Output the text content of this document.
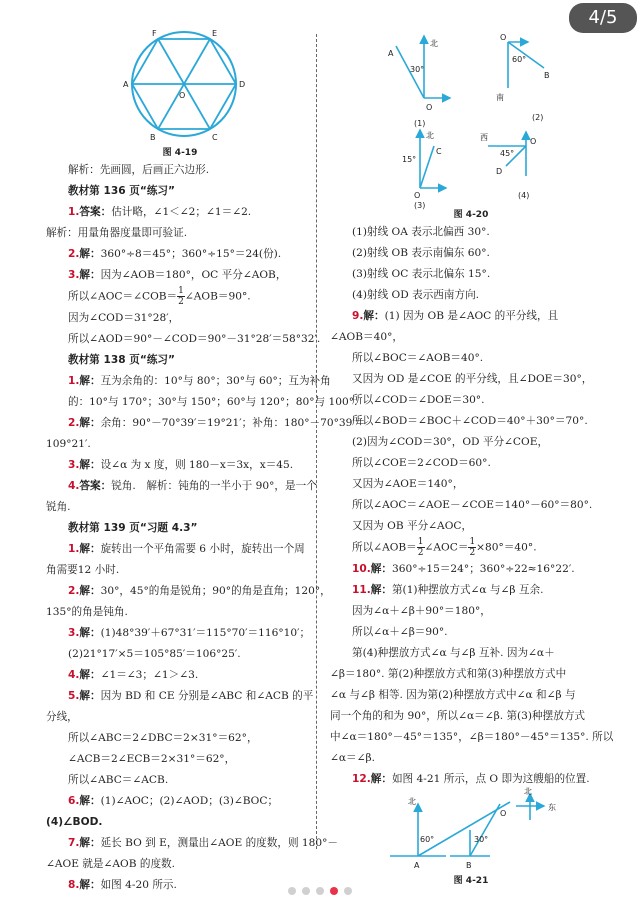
F	E
A	D
O
B	C
图 4-19
解析：先画圆，后画正六边形.
教材第 136 页“练习”
1.答案：估计略，∠1＜∠2；∠1＝∠2.
解析：用量角器度量即可验证.
2.解：360°÷8＝45°；360°÷15°＝24(份).
3.解：因为∠AOB＝180°，OC 平分∠AOB，
所以∠AOC＝∠COB＝ $\frac{1}{2}$ ∠AOB＝90°.
因为∠COD＝31°28′，
所以∠AOD＝90°－∠COD＝90°－31°28′＝58°32′.
教材第 138 页“练习”
1.解：互为余角的：10°与 80°；30°与 60°；互为补角
的：10°与 170°；30°与 150°；60°与 120°；80°与 100°.
2.解：余角：90°－70°39′＝19°21′；补角：180°－70°39′＝
109°21′.
3.解：设∠α 为 x 度，则 180－x＝3x，x＝45.
4.答案：锐角.　解析：钝角的一半小于 90°，是一个
锐角.
教材第 139 页“习题 4.3”
1.解：旋转出一个平角需要 6 小时，旋转出一个周
角需要12 小时.
2.解：30°，45°的角是锐角；90°的角是直角；120°，
135°的角是钝角.
3.解：(1)48°39′＋67°31′＝115°70′＝116°10′；
(2)21°17′×5＝105°85′＝106°25′.
4.解：∠1＝∠3；∠1＞∠3.
5.解：因为 BD 和 CE 分别是∠ABC 和∠ACB 的平
分线，
所以∠ABC＝2∠DBC＝2×31°＝62°，
∠ACB＝2∠ECB＝2×31°＝62°，
所以∠ABC＝∠ACB.
6.解：(1)∠AOC；(2)∠AOD；(3)∠BOC；
(4)∠BOD.
7.解：延长 BO 到 E，测量出∠AOE 的度数，则 180°－
∠AOE 就是∠AOB 的度数.
8.解：如图 4-20 所示.
北
30°
A
O
(1)
O
60°
B
南
(2)
北
15°
C
O
(3)
西
45°
O
D
(4)
图 4-20
(1)射线 OA 表示北偏西 30°.
(2)射线 OB 表示南偏东 60°.
(3)射线 OC 表示北偏东 15°.
(4)射线 OD 表示西南方向.
9.解：(1) 因为 OB 是∠AOC 的平分线，且
∠AOB＝40°，
所以∠BOC＝∠AOB＝40°.
又因为 OD 是∠COE 的平分线，且∠DOE＝30°，
所以∠COD＝∠DOE＝30°.
所以∠BOD＝∠BOC＋∠COD＝40°＋30°＝70°.
(2)因为∠COD＝30°，OD 平分∠COE，
所以∠COE＝2∠COD＝60°.
又因为∠AOE＝140°，
所以∠AOC＝∠AOE－∠COE＝140°－60°＝80°.
又因为 OB 平分∠AOC，
所以∠AOB＝ $\frac{1}{2}$ ∠AOC＝ $\frac{1}{2} \times 80^\circ=40^\circ$.
10.解：360°÷15＝24°；360°÷22≈16°22′.
11.解：第(1)种摆放方式∠α 与∠β 互余.
因为∠α＋∠β＋90°＝180°，
所以∠α＋∠β＝90°.
第(4)种摆放方式∠α 与∠β 互补. 因为∠α＋
∠β＝180°. 第(2)种摆放方式和第(3)种摆放方式中
∠α 与∠β 相等. 因为第(2)种摆放方式中∠α 和∠β 与
同一个角的和为 90°，所以∠α＝∠β. 第(3)种摆放方式
中∠α＝180°－45°＝135°，∠β＝180°－45°＝135°. 所以
∠α＝∠β.
12.解：如图 4-21 所示，点 O 即为这艘船的位置.
北
60°
A
30°
B
O
北
东
图 4-21
4/5
